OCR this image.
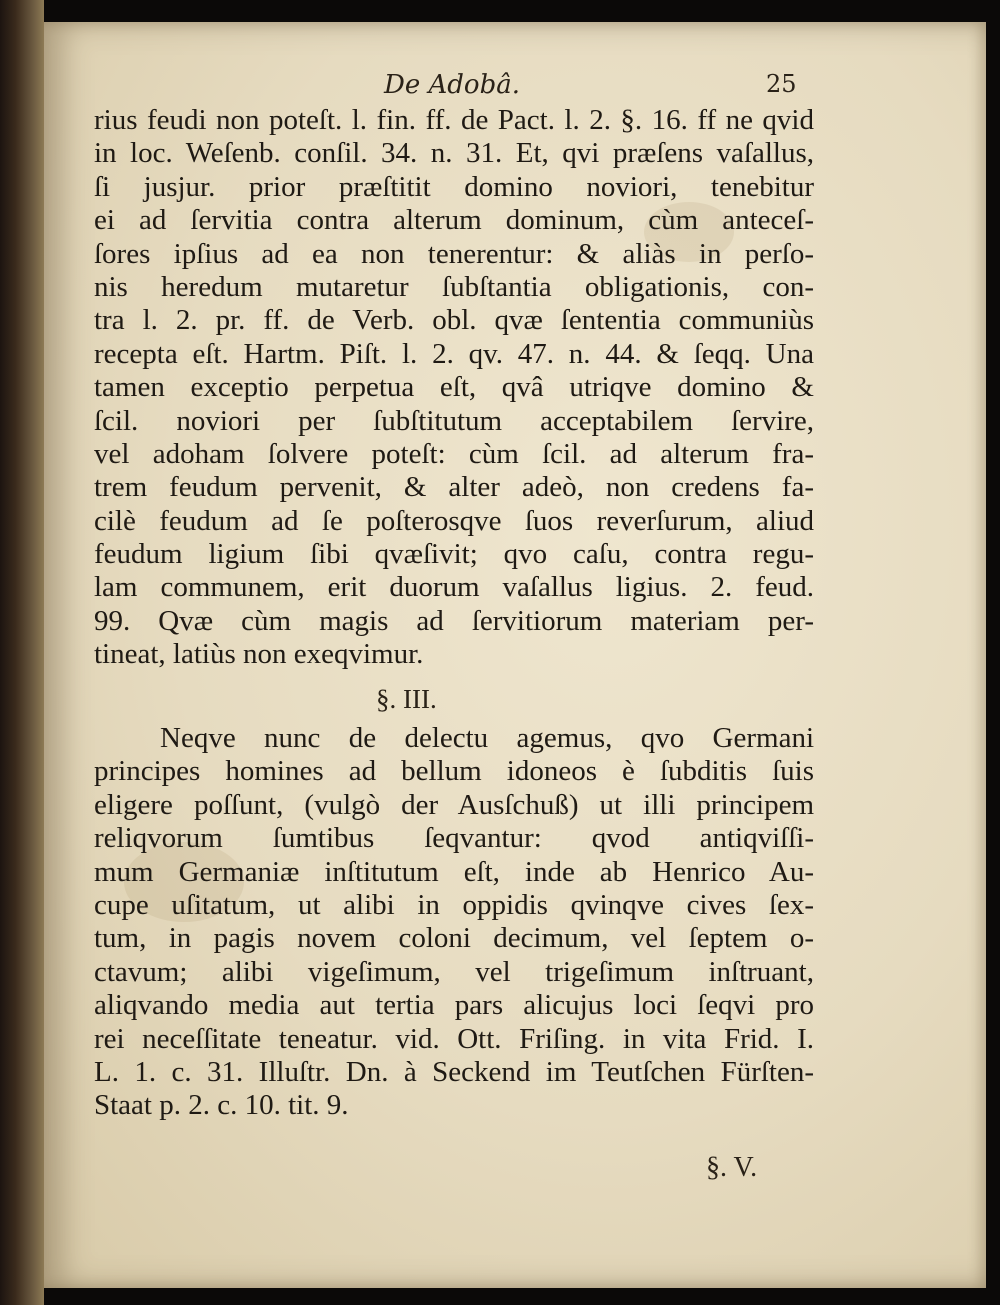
De Adobâ.	25
rius feudi non poteſt. l. fin. ff. de Pact. l. 2. §. 16. ff ne qvid
in loc. Weſenb. conſil. 34. n. 31. Et, qvi præſens vaſallus,
ſi jusjur. prior præſtitit domino noviori, tenebitur
ei ad ſervitia contra alterum dominum, cùm anteceſ-
ſores ipſius ad ea non tenerentur: & aliàs in perſo-
nis heredum mutaretur ſubſtantia obligationis, con-
tra l. 2. pr. ff. de Verb. obl. qvæ ſententia communiùs
recepta eſt. Hartm. Piſt. l. 2. qv. 47. n. 44. & ſeqq. Una
tamen exceptio perpetua eſt, qvâ utriqve domino &
ſcil. noviori per ſubſtitutum acceptabilem ſervire,
vel adoham ſolvere poteſt: cùm ſcil. ad alterum fra-
trem feudum pervenit, & alter adeò, non credens fa-
cilè feudum ad ſe poſterosqve ſuos reverſurum, aliud
feudum ligium ſibi qvæſivit; qvo caſu, contra regu-
lam communem, erit duorum vaſallus ligius. 2. feud.
99. Qvæ cùm magis ad ſervitiorum materiam per-
tineat, latiùs non exeqvimur.
§. III.
Neqve nunc de delectu agemus, qvo Germani
principes homines ad bellum idoneos è ſubditis ſuis
eligere poſſunt, (vulgò der Ausſchuß) ut illi principem
reliqvorum ſumtibus ſeqvantur: qvod antiqviſſi-
mum Germaniæ inſtitutum eſt, inde ab Henrico Au-
cupe uſitatum, ut alibi in oppidis qvinqve cives ſex-
tum, in pagis novem coloni decimum, vel ſeptem o-
ctavum; alibi vigeſimum, vel trigeſimum inſtruant,
aliqvando media aut tertia pars alicujus loci ſeqvi pro
rei neceſſitate teneatur. vid. Ott. Friſing. in vita Frid. I.
L. 1. c. 31. Illuſtr. Dn. à Seckend im Teutſchen Fürſten-
Staat p. 2. c. 10. tit. 9.
§. V.
